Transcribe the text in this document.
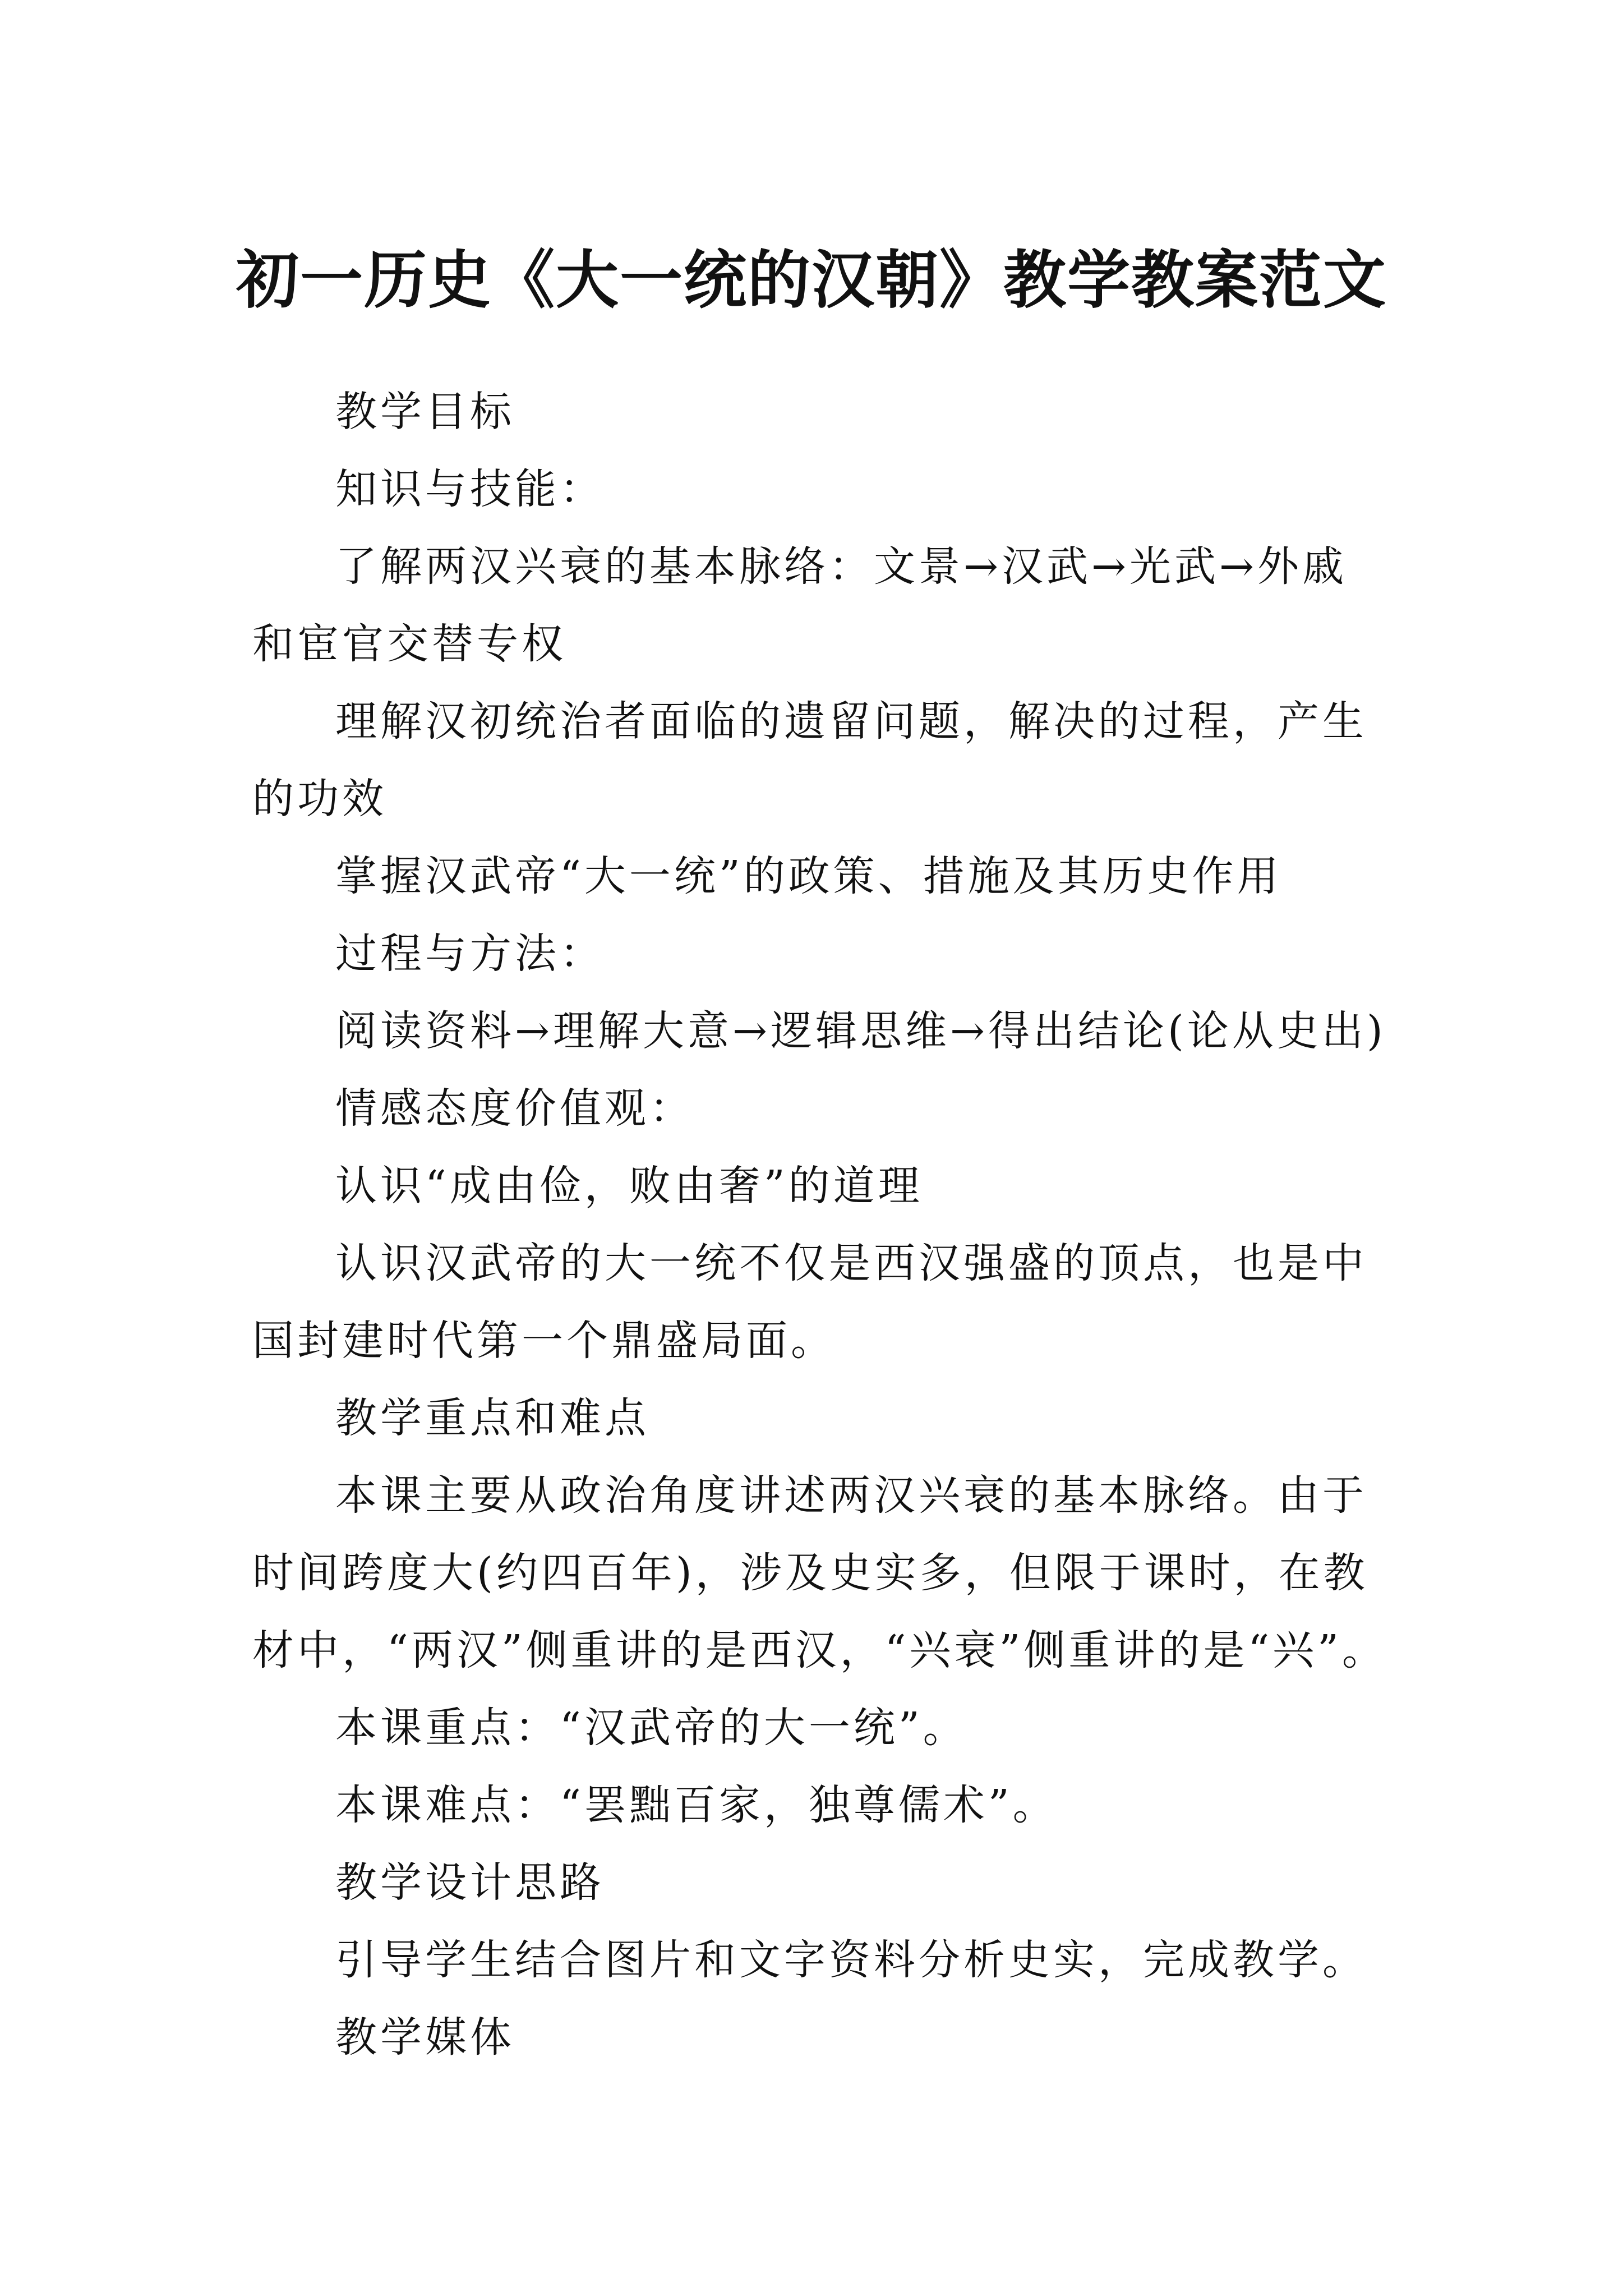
初一历史《大一统的汉朝》教学教案范文

教学目标

知识与技能：

了解两汉兴衰的基本脉络：文景→汉武→光武→外戚和宦官交替专权

理解汉初统治者面临的遗留问题，解决的过程，产生的功效

掌握汉武帝“大一统”的政策、措施及其历史作用

过程与方法：

阅读资料→理解大意→逻辑思维→得出结论(论从史出)

情感态度价值观：

认识“成由俭，败由奢”的道理

认识汉武帝的大一统不仅是西汉强盛的顶点，也是中国封建时代第一个鼎盛局面。

教学重点和难点

本课主要从政治角度讲述两汉兴衰的基本脉络。由于时间跨度大(约四百年)，涉及史实多，但限于课时，在教材中，“两汉”侧重讲的是西汉，“兴衰”侧重讲的是“兴”。

本课重点：“汉武帝的大一统”。

本课难点：“罢黜百家，独尊儒术”。

教学设计思路

引导学生结合图片和文字资料分析史实，完成教学。

教学媒体
